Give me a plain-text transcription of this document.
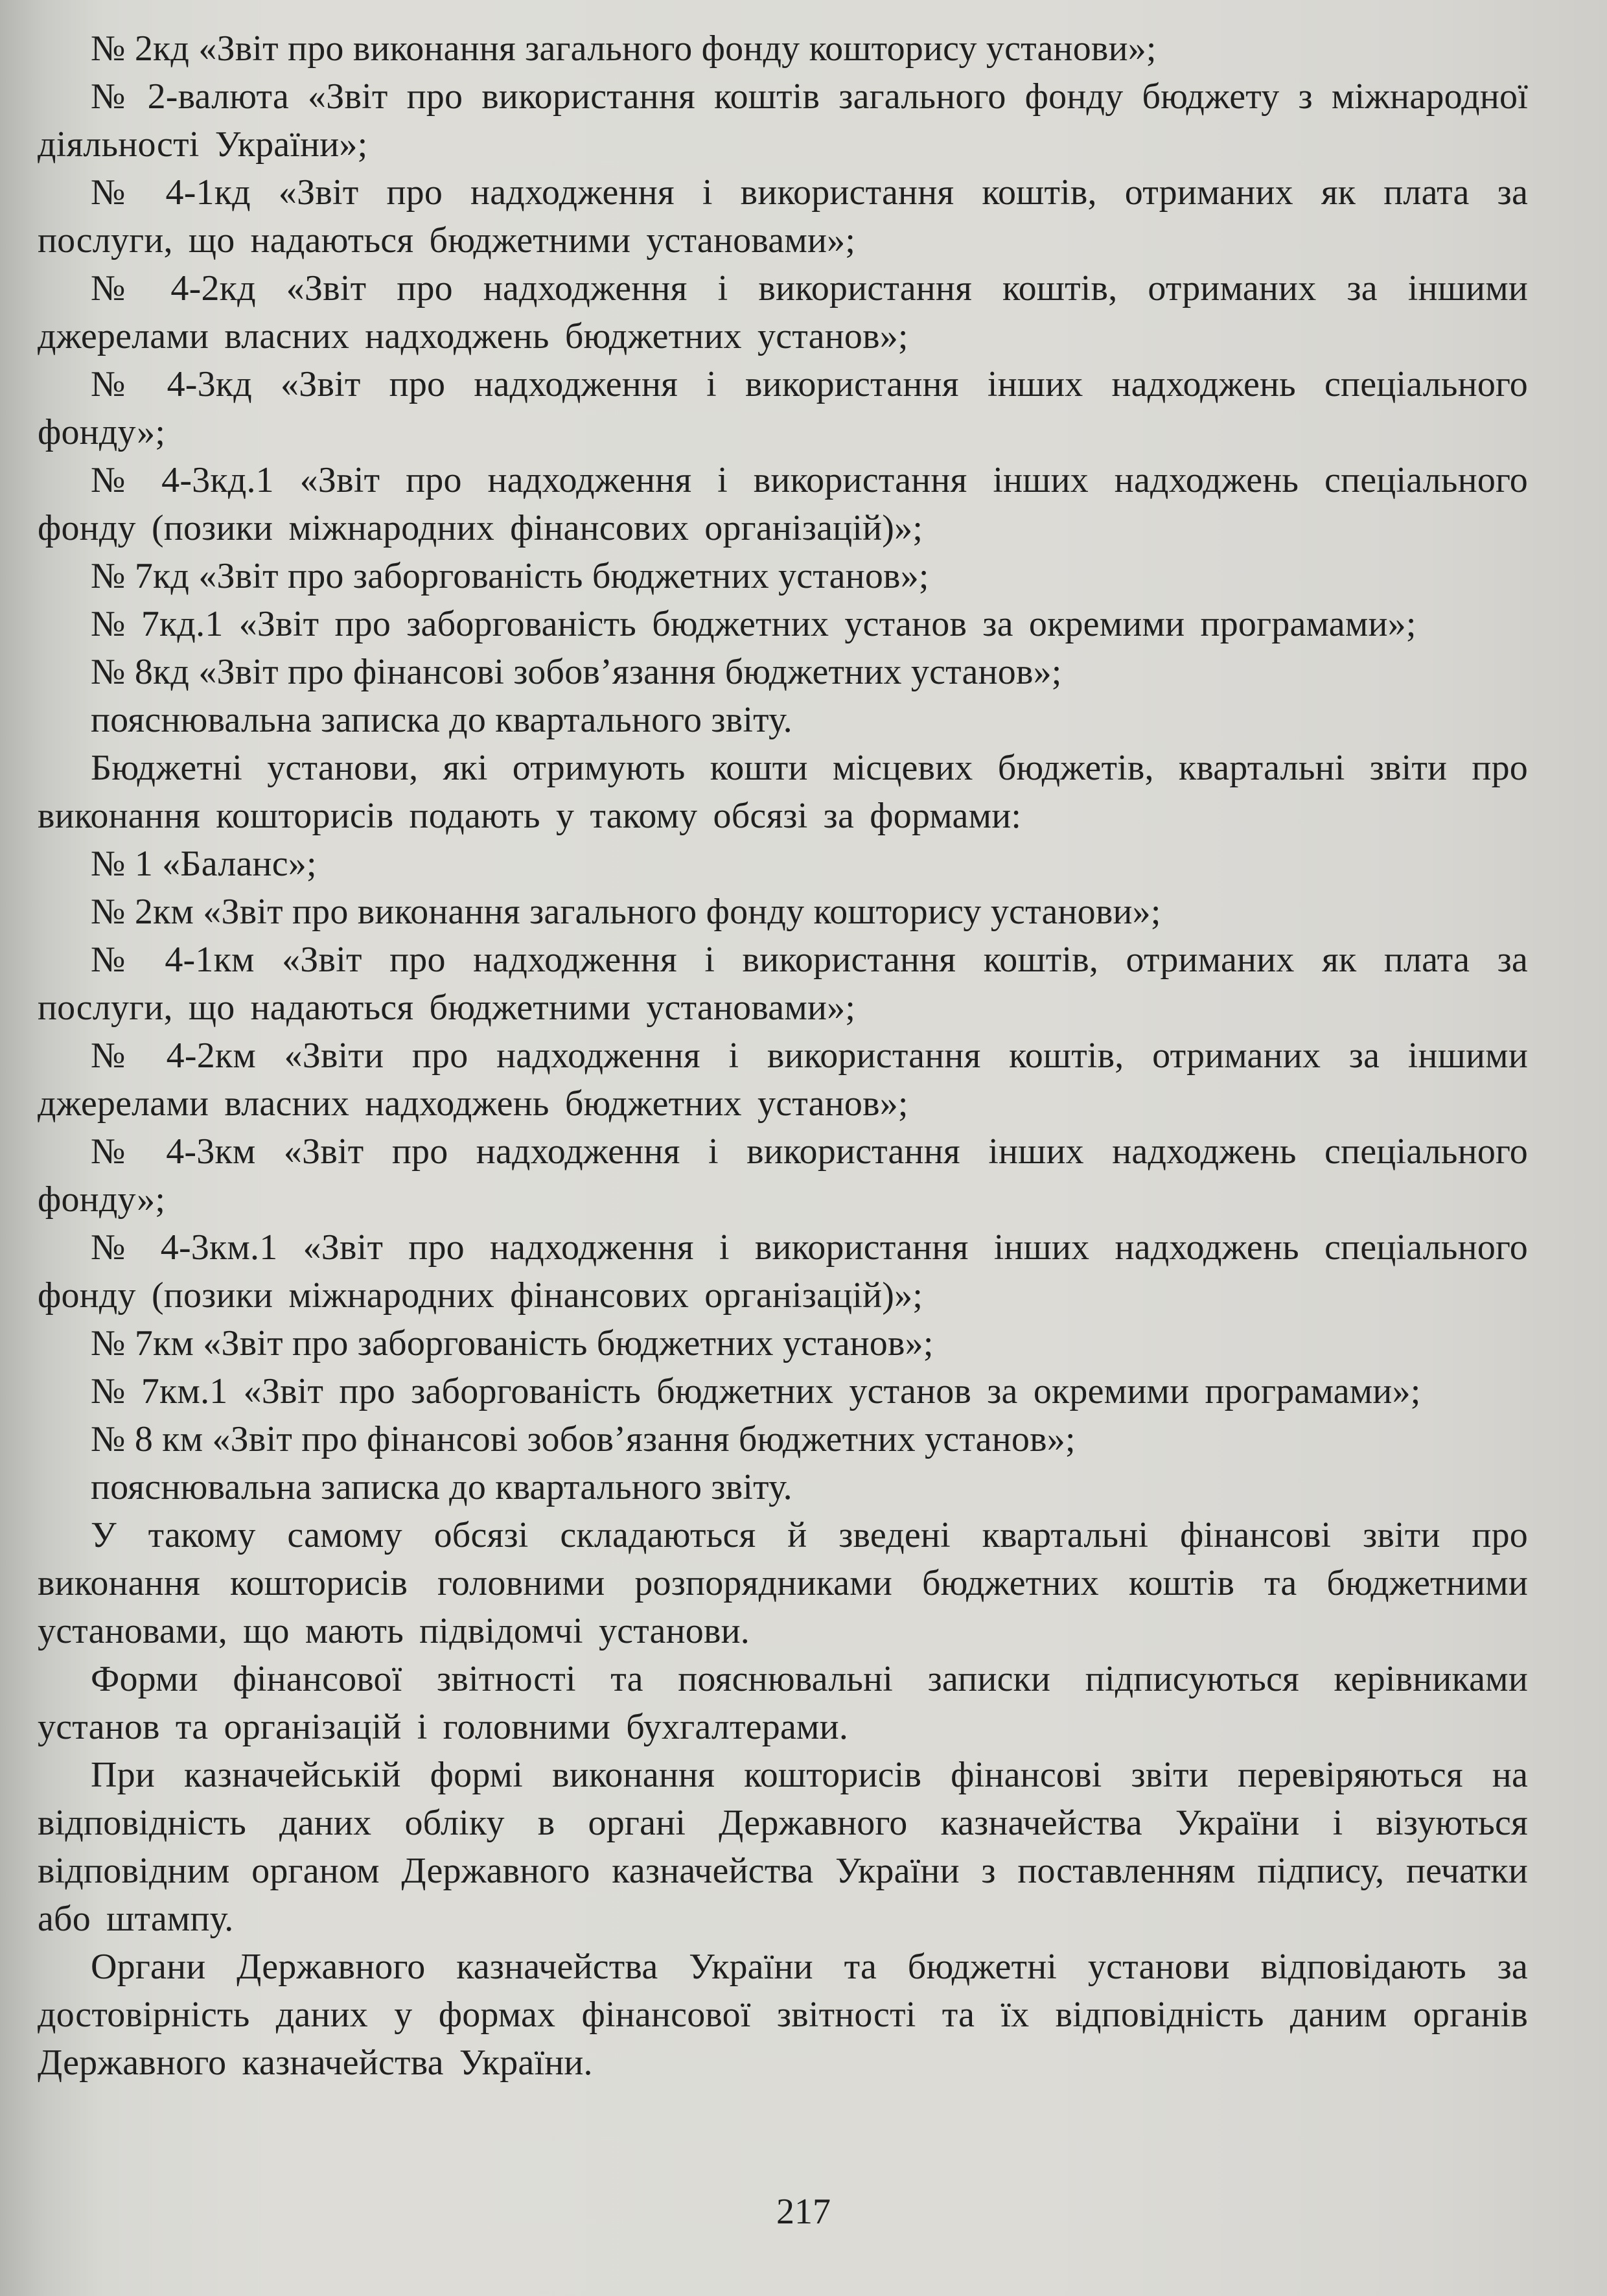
№ 2кд «Звіт про виконання загального фонду кошторису установи»;

№ 2-валюта «Звіт про використання коштів загального фонду бюджету з міжнародної діяльності України»;

№ 4-1кд «Звіт про надходження і використання коштів, отриманих як плата за послуги, що надаються бюджетними установами»;

№ 4-2кд «Звіт про надходження і використання коштів, отриманих за іншими джерелами власних надходжень бюджетних установ»;

№ 4-3кд «Звіт про надходження і використання інших надходжень спеціального фонду»;

№ 4-3кд.1 «Звіт про надходження і використання інших надходжень спеціального фонду (позики міжнародних фінансових організацій)»;

№ 7кд «Звіт про заборгованість бюджетних установ»;

№ 7кд.1 «Звіт про заборгованість бюджетних установ за окремими програмами»;

№ 8кд «Звіт про фінансові зобов’язання бюджетних установ»;

пояснювальна записка до квартального звіту.

Бюджетні установи, які отримують кошти місцевих бюджетів, квартальні звіти про виконання кошторисів подають у такому обсязі за формами:

№ 1 «Баланс»;

№ 2км «Звіт про виконання загального фонду кошторису установи»;

№ 4-1км «Звіт про надходження і використання коштів, отриманих як плата за послуги, що надаються бюджетними установами»;

№ 4-2км «Звіти про надходження і використання коштів, отриманих за іншими джерелами власних надходжень бюджетних установ»;

№ 4-3км «Звіт про надходження і використання інших надходжень спеціального фонду»;

№ 4-3км.1 «Звіт про надходження і використання інших надходжень спеціального фонду (позики міжнародних фінансових організацій)»;

№ 7км «Звіт про заборгованість бюджетних установ»;

№ 7км.1 «Звіт про заборгованість бюджетних установ за окремими програмами»;

№ 8 км «Звіт про фінансові зобов’язання бюджетних установ»;

пояснювальна записка до квартального звіту.

У такому самому обсязі складаються й зведені квартальні фінансові звіти про виконання кошторисів головними розпорядниками бюджетних коштів та бюджетними установами, що мають підвідомчі установи.

Форми фінансової звітності та пояснювальні записки підписуються керівниками установ та організацій і головними бухгалтерами.

При казначейській формі виконання кошторисів фінансові звіти перевіряються на відповідність даних обліку в органі Державного казначейства України і візуються відповідним органом Державного казначейства України з поставленням підпису, печатки або штампу.

Органи Державного казначейства України та бюджетні установи відповідають за достовірність даних у формах фінансової звітності та їх відповідність даним органів Державного казначейства України.

217
